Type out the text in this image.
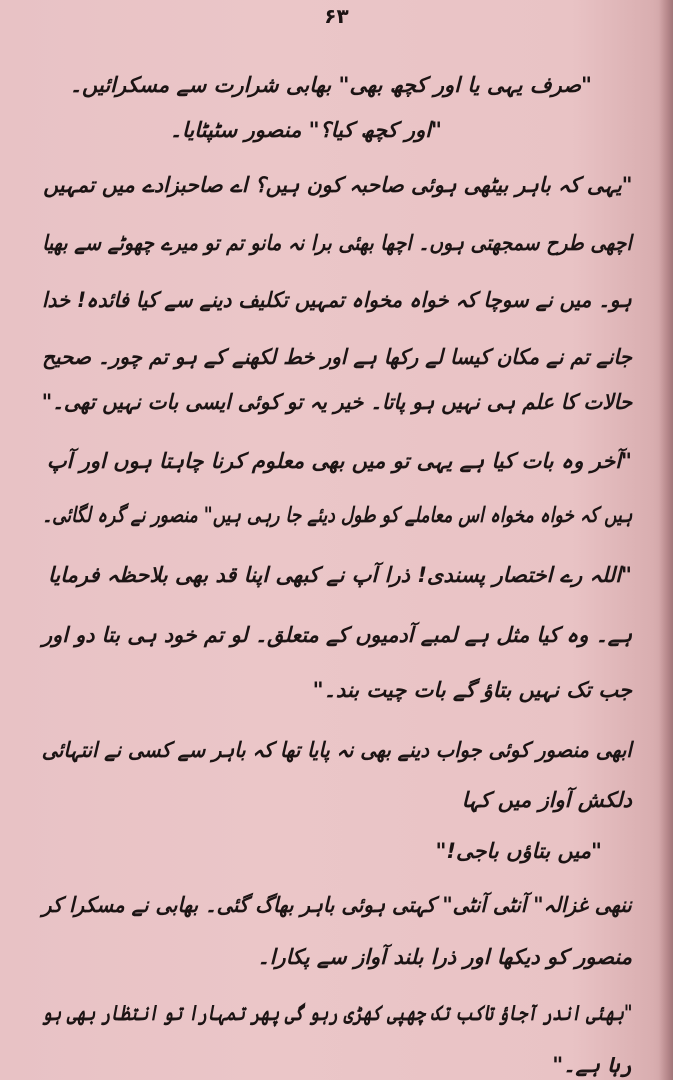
۶۳
"صرف یہی یا اور کچھ بھی" بھابی شرارت سے مسکرائیں۔
"اور کچھ کیا؟" منصور سٹپٹایا۔
"یہی کہ باہر بیٹھی ہوئی صاحبہ کون ہیں؟ اے صاحبزادے میں تمہیں
اچھی طرح سمجھتی ہوں۔ اچھا بھئی برا نہ مانو تم تو میرے چھوٹے سے بھیا
ہو۔ میں نے سوچا کہ خواہ مخواہ تمہیں تکلیف دینے سے کیا فائدہ! خدا
جانے تم نے مکان کیسا لے رکھا ہے اور خط لکھنے کے ہو تم چور۔ صحیح
حالات کا علم ہی نہیں ہو پاتا۔ خیر یہ تو کوئی ایسی بات نہیں تھی۔"
"آخر وہ بات کیا ہے یہی تو میں بھی معلوم کرنا چاہتا ہوں اور آپ
ہیں کہ خواہ مخواہ اس معاملے کو طول دیئے جا رہی ہیں" منصور نے گرہ لگائی۔
"اللہ رے اختصار پسندی! ذرا آپ نے کبھی اپنا قد بھی بلاحظہ فرمایا
ہے۔ وہ کیا مثل ہے لمبے آدمیوں کے متعلق۔ لو تم خود ہی بتا دو اور
جب تک نہیں بتاؤ گے بات چیت بند۔"
ابھی منصور کوئی جواب دینے بھی نہ پایا تھا کہ باہر سے کسی نے انتہائی
دلکش آواز میں کہا
"میں بتاؤں باجی!"
ننھی غزالہ" آنٹی آنٹی" کہتی ہوئی باہر بھاگ گئی۔ بھابی نے مسکرا کر
منصور کو دیکھا اور ذرا بلند آواز سے پکارا۔
"بھئی اندر آجاؤ تاکب تک چھپی کھڑی رہو گی پھر تمہارا تو انتظار بھی ہو
رہا ہے۔"
